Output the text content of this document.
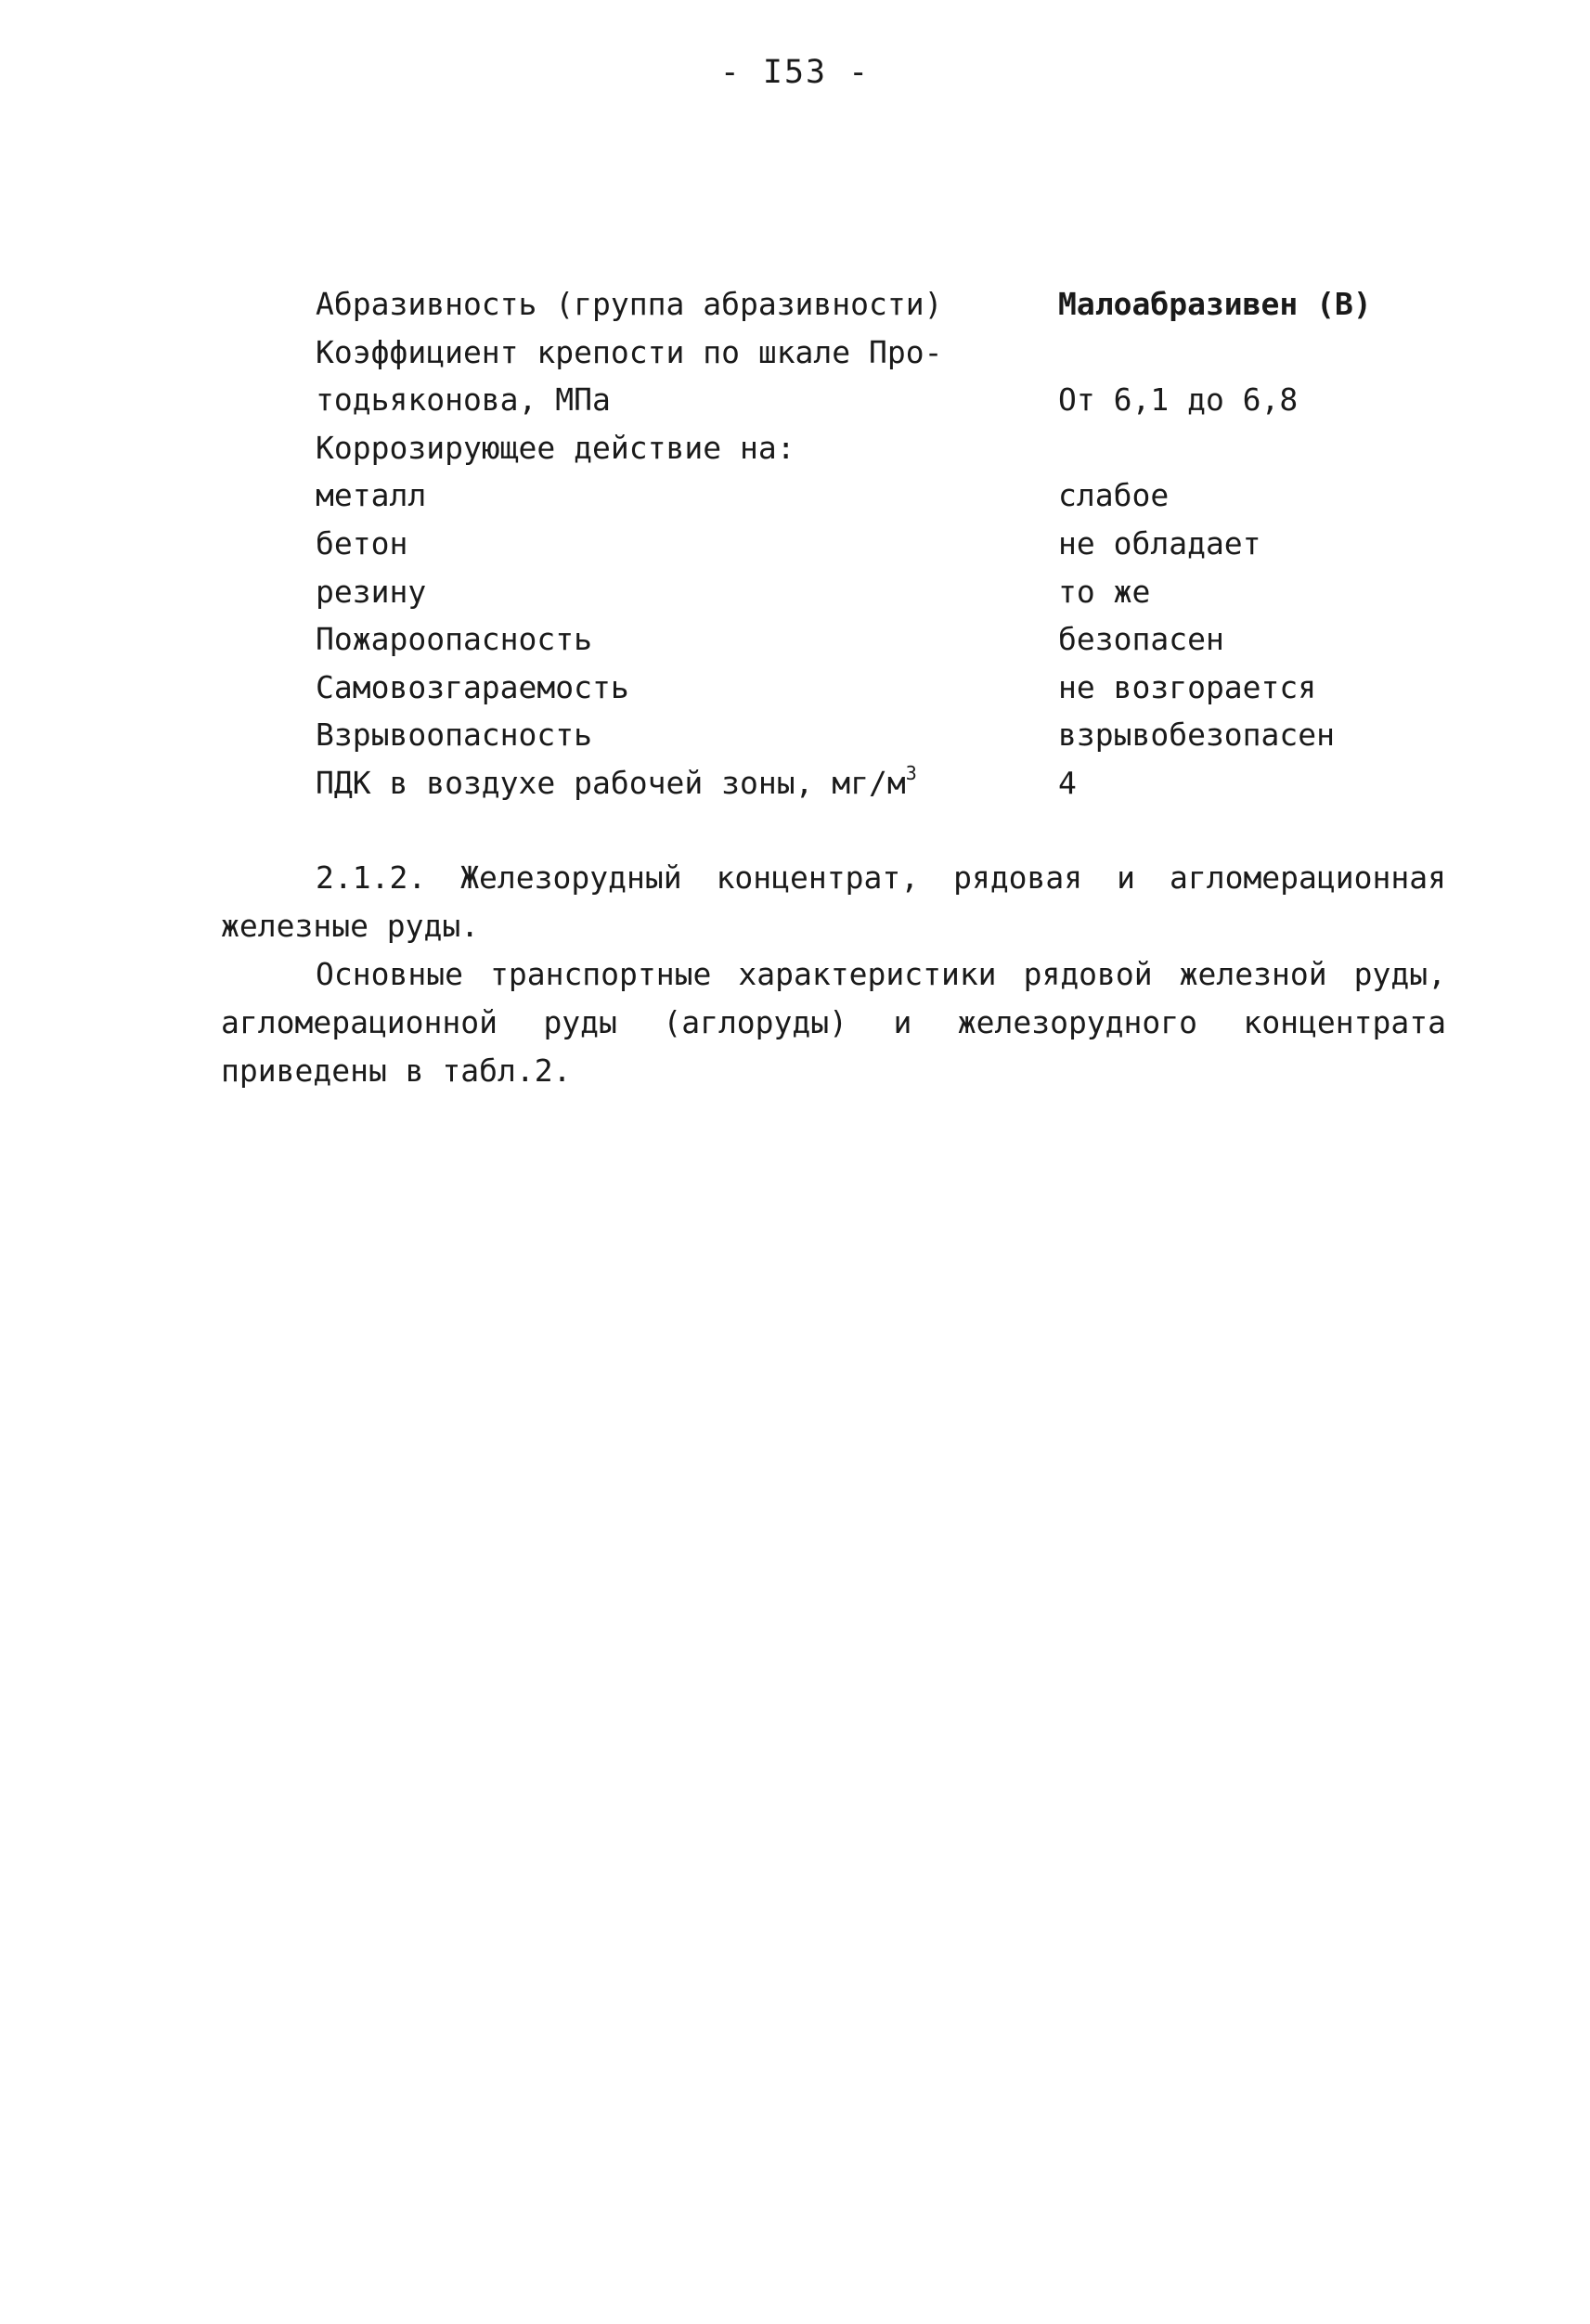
- I53 -
Абразивность (группа абразивности)	Малоабразивен (В)
Коэффициент крепости по шкале Про-
тодьяконова, МПа	От 6,1 до 6,8
Коррозирующее действие на:
металл	слабое
бетон	не обладает
резину	то же
Пожароопасность	безопасен
Самовозгараемость	не возгорается
Взрывоопасность	взрывобезопасен
ПДК в воздухе рабочей зоны, $мг/м^3$	4
2.1.2. Железорудный концентрат, рядовая и агломерационная железные руды.
Основные транспортные характеристики рядовой железной руды, агломерационной руды (аглоруды) и железорудного концентрата приведены в табл.2.
